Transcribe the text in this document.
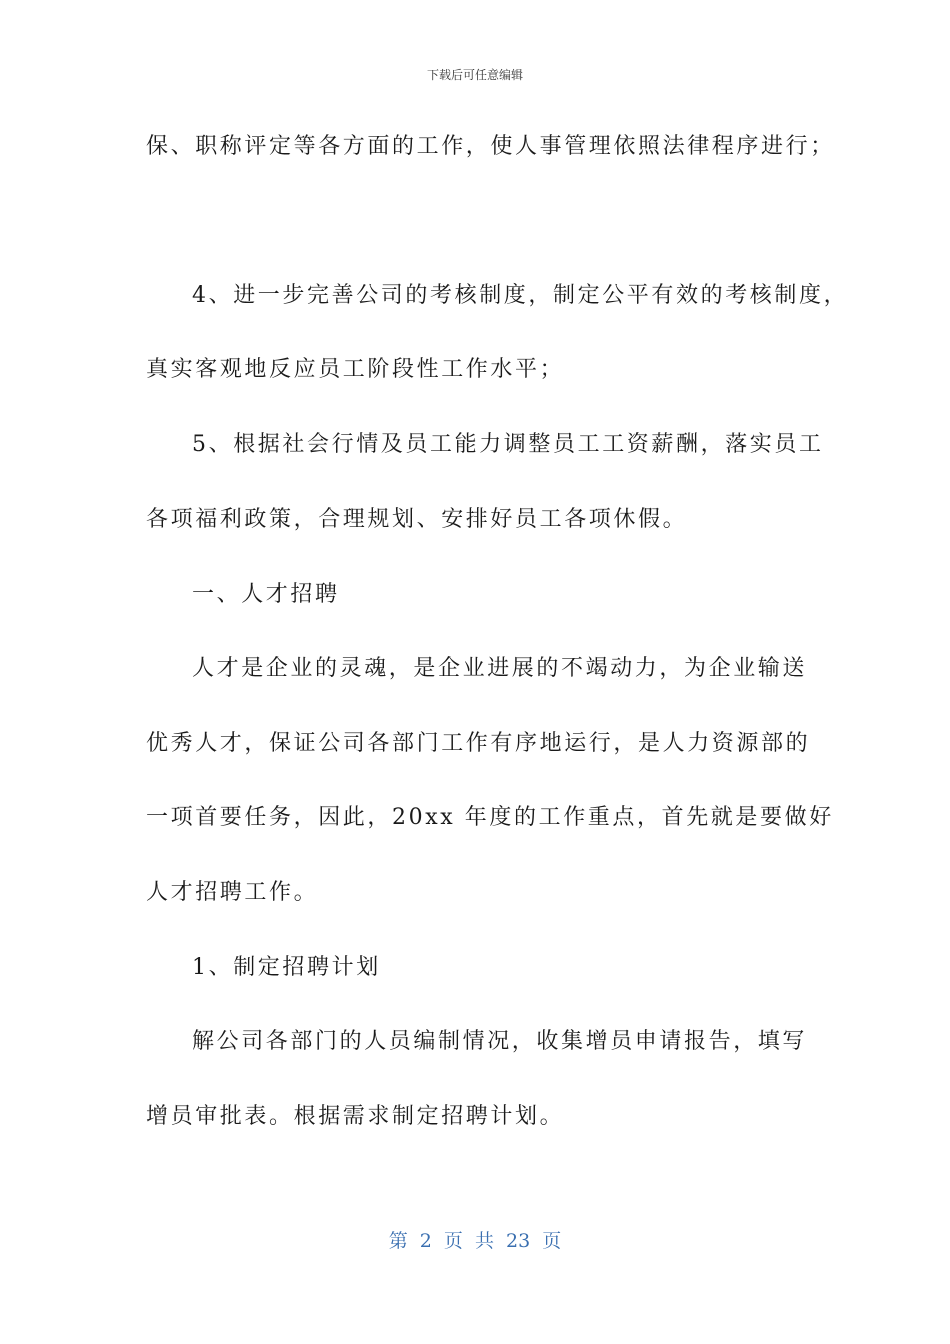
下载后可任意编辑
保、职称评定等各方面的工作，使人事管理依照法律程序进行；
4、进一步完善公司的考核制度，制定公平有效的考核制度，
真实客观地反应员工阶段性工作水平；
5、根据社会行情及员工能力调整员工工资薪酬，落实员工
各项福利政策，合理规划、安排好员工各项休假。
一、人才招聘
人才是企业的灵魂，是企业进展的不竭动力，为企业输送
优秀人才，保证公司各部门工作有序地运行，是人力资源部的
一项首要任务，因此，20xx 年度的工作重点，首先就是要做好
人才招聘工作。
1、制定招聘计划
解公司各部门的人员编制情况，收集增员申请报告，填写
增员审批表。根据需求制定招聘计划。
第 2 页 共 23 页
